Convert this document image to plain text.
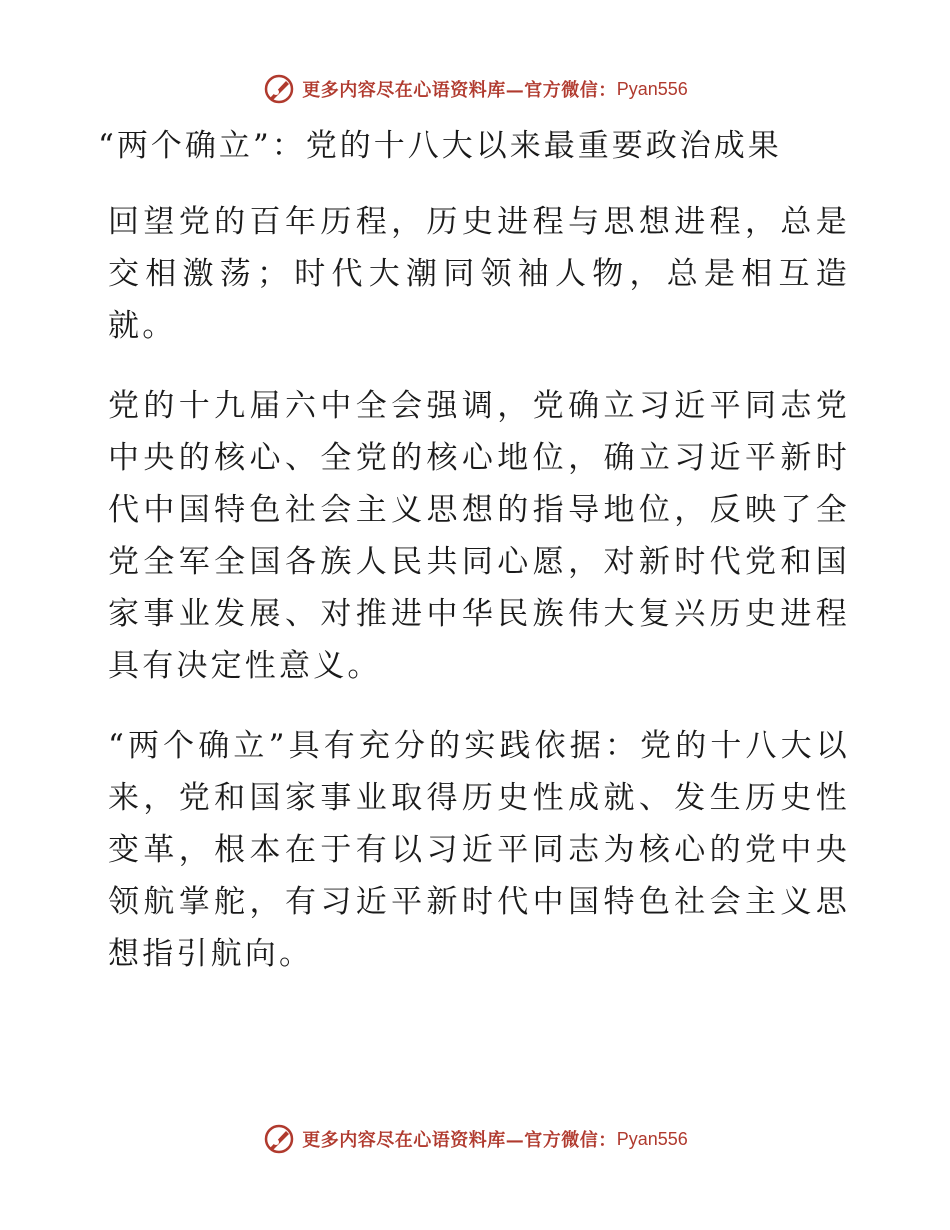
更多内容尽在心语资料库—官方微信： Pyan556
“两个确立”：党的十八大以来最重要政治成果

回望党的百年历程，历史进程与思想进程，总是交相激荡；时代大潮同领袖人物，总是相互造就。

党的十九届六中全会强调，党确立习近平同志党中央的核心、全党的核心地位，确立习近平新时代中国特色社会主义思想的指导地位，反映了全党全军全国各族人民共同心愿，对新时代党和国家事业发展、对推进中华民族伟大复兴历史进程具有决定性意义。

“两个确立”具有充分的实践依据：党的十八大以来，党和国家事业取得历史性成就、发生历史性变革，根本在于有以习近平同志为核心的党中央领航掌舵，有习近平新时代中国特色社会主义思想指引航向。

更多内容尽在心语资料库—官方微信： Pyan556
